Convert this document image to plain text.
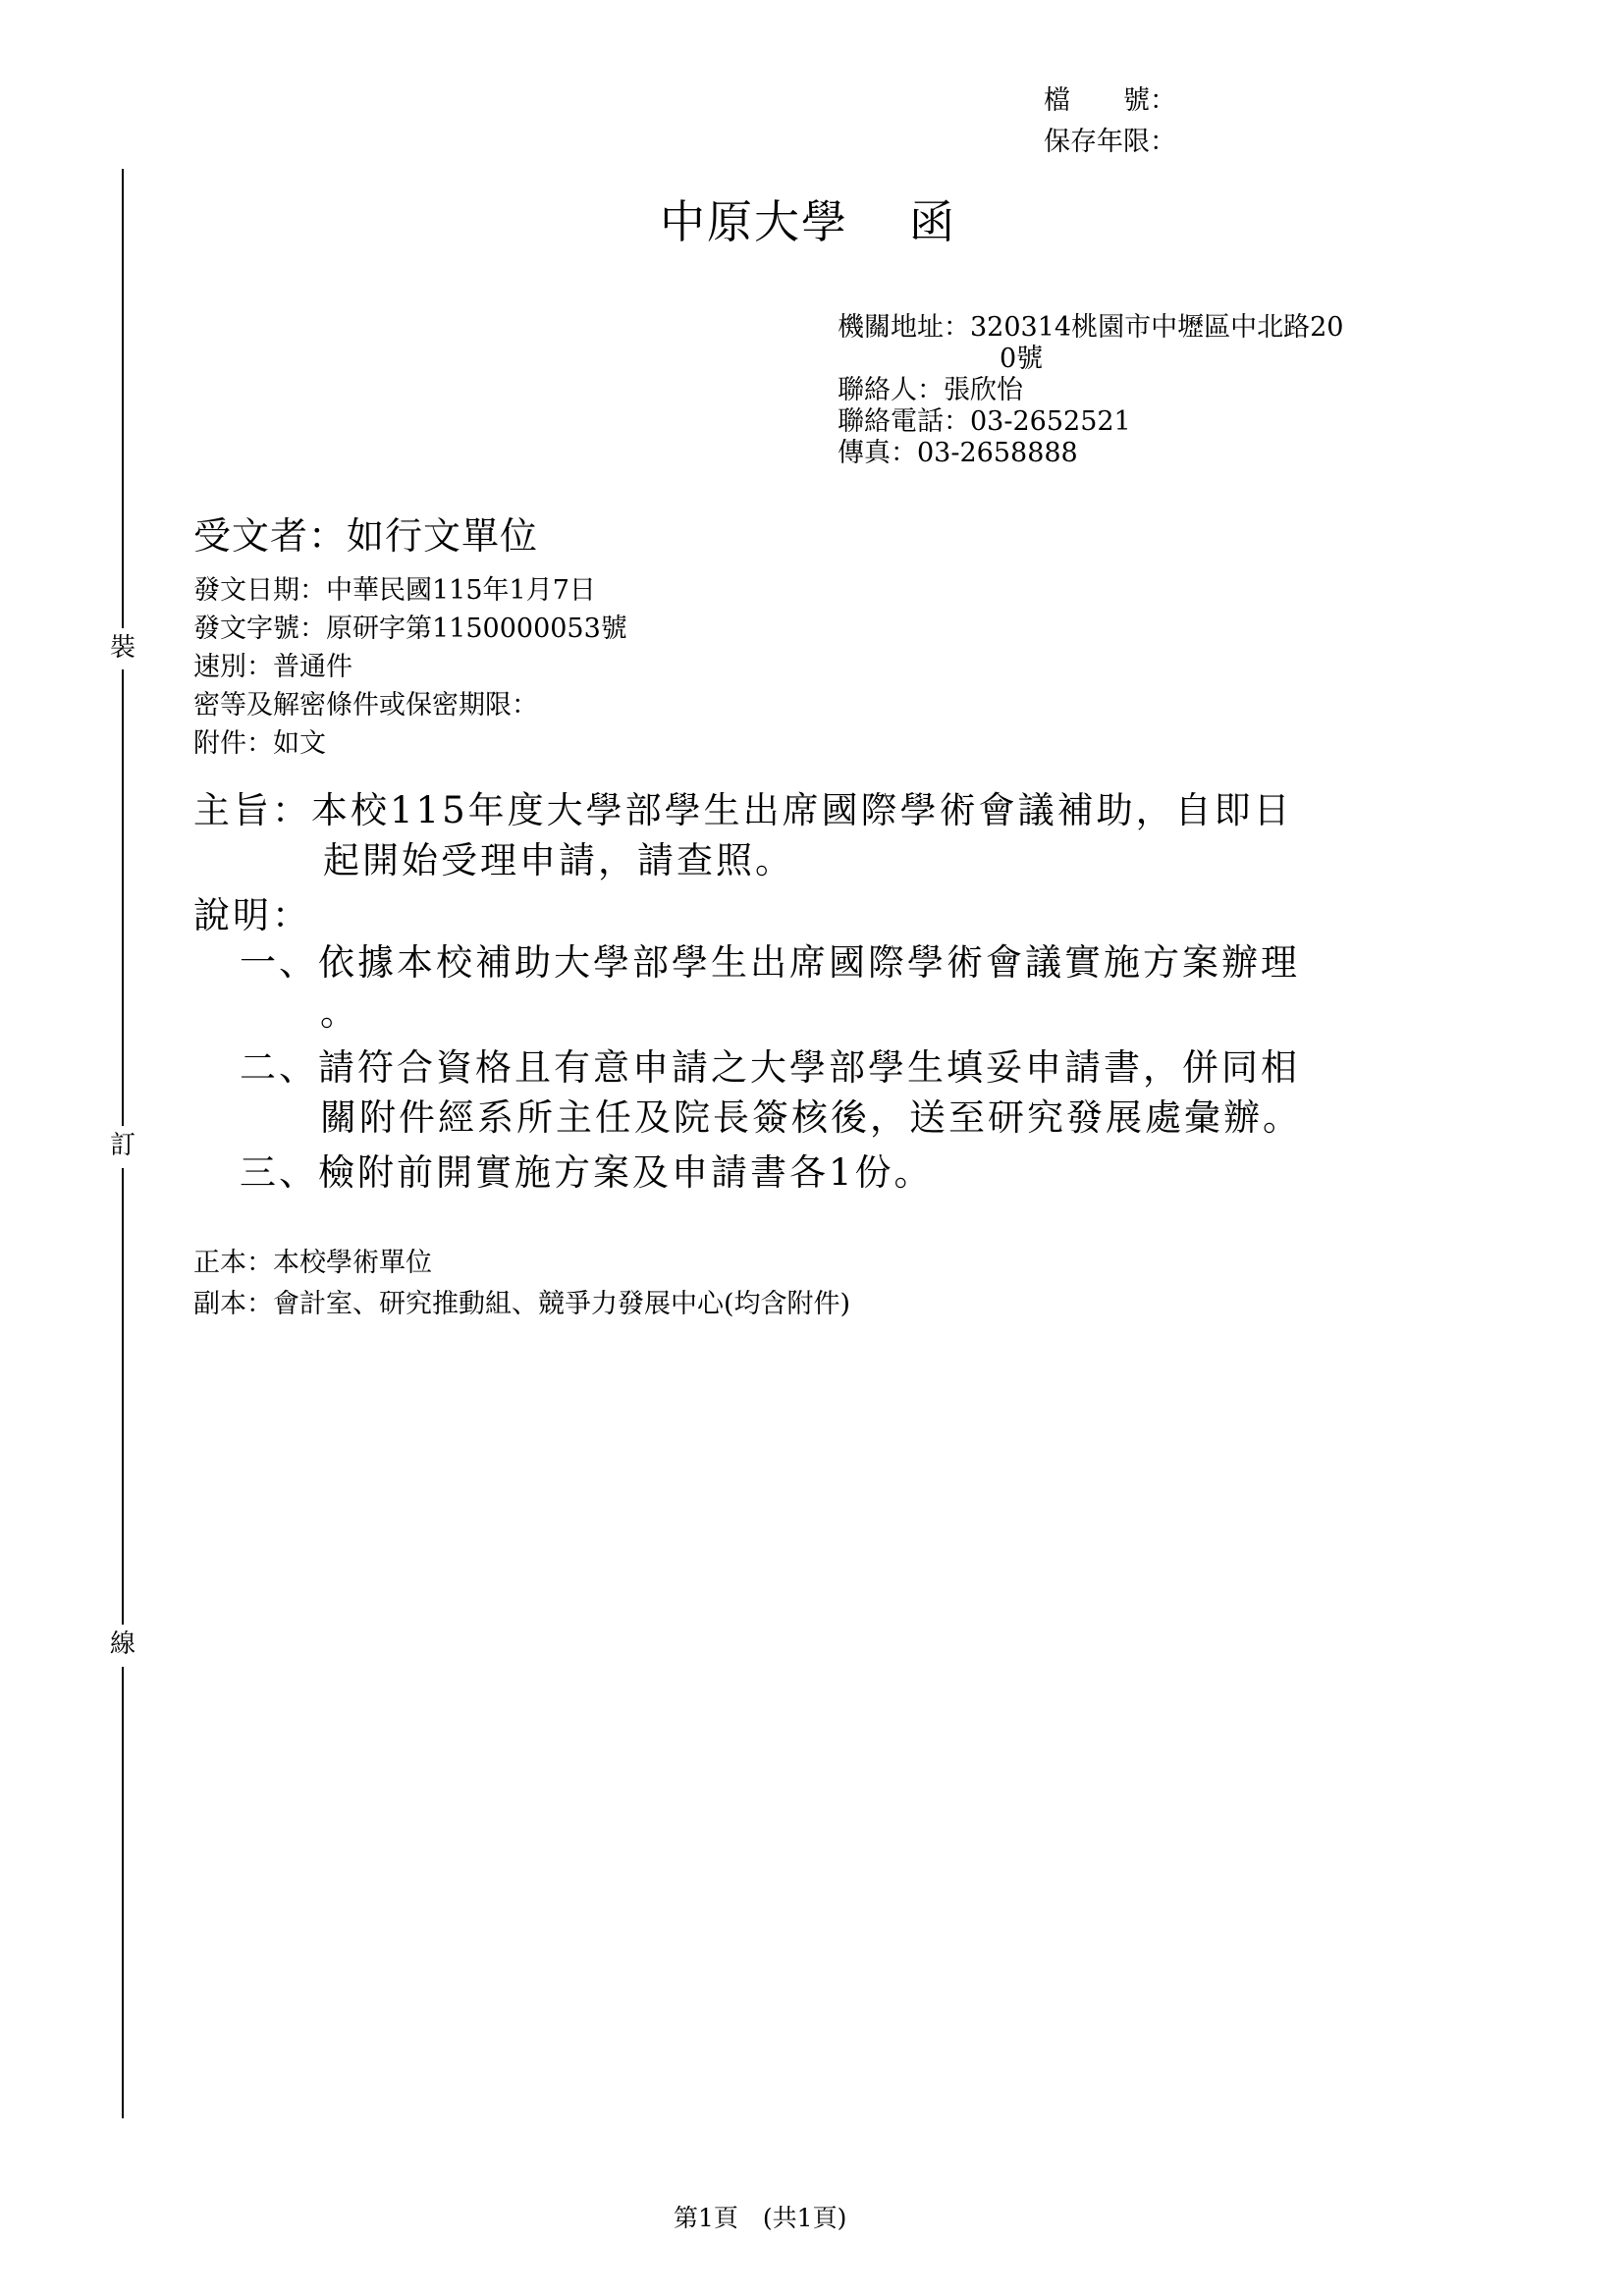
檔　　號：
保存年限：
裝
訂
線
中原大學 函
機關地址：320314桃園市中壢區中北路20
0號
聯絡人：張欣怡
聯絡電話：03-2652521
傳真：03-2658888
受文者：如行文單位
發文日期：中華民國115年1月7日
發文字號：原研字第1150000053號
速別：普通件
密等及解密條件或保密期限：
附件：如文
主旨：本校115年度大學部學生出席國際學術會議補助，自即日
起開始受理申請，請查照。
說明：
一、依據本校補助大學部學生出席國際學術會議實施方案辦理
。
二、請符合資格且有意申請之大學部學生填妥申請書，併同相
關附件經系所主任及院長簽核後，送至研究發展處彙辦。
三、檢附前開實施方案及申請書各1份。
正本：本校學術單位
副本：會計室、研究推動組、競爭力發展中心(均含附件)
第1頁　(共1頁)
